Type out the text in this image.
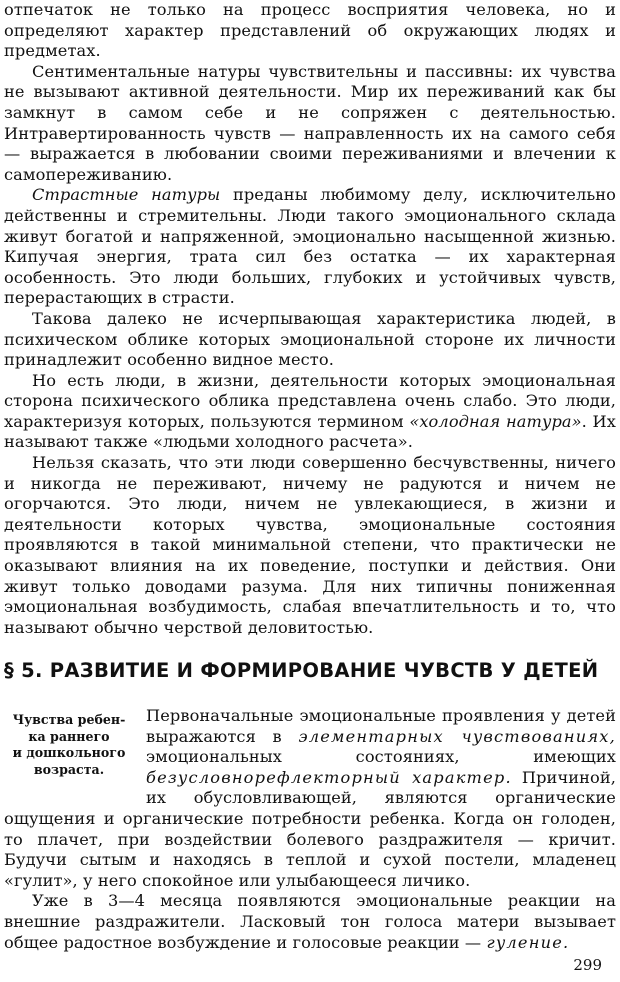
отпечаток не только на процесс восприятия человека, но и определяют характер представлений об окружающих людях и предметах.

Сентиментальные натуры чувствительны и пассивны: их чувства не вызывают активной деятельности. Мир их переживаний как бы замкнут в самом себе и не сопряжен с деятельностью. Интравертированность чувств — направленность их на самого себя — выражается в любовании своими переживаниями и влечении к самопереживанию.

Страстные натуры преданы любимому делу, исключительно действенны и стремительны. Люди такого эмоционального склада живут богатой и напряженной, эмоционально насыщенной жизнью. Кипучая энергия, трата сил без остатка — их характерная особенность. Это люди больших, глубоких и устойчивых чувств, перерастающих в страсти.

Такова далеко не исчерпывающая характеристика людей, в психическом облике которых эмоциональной стороне их личности принадлежит особенно видное место.

Но есть люди, в жизни, деятельности которых эмоциональная сторона психического облика представлена очень слабо. Это люди, характеризуя которых, пользуются термином «холодная натура». Их называют также «людьми холодного расчета».

Нельзя сказать, что эти люди совершенно бесчувственны, ничего и никогда не переживают, ничему не радуются и ничем не огорчаются. Это люди, ничем не увлекающиеся, в жизни и деятельности которых чувства, эмоциональные состояния проявляются в такой минимальной степени, что практически не оказывают влияния на их поведение, поступки и действия. Они живут только доводами разума. Для них типичны пониженная эмоциональная возбудимость, слабая впечатлительность и то, что называют обычно черствой деловитостью.

§ 5. РАЗВИТИЕ И ФОРМИРОВАНИЕ ЧУВСТВ У ДЕТЕЙ
Чувства ребен-
ка раннего
и дошкольного
возраста.
299

Первоначальные эмоциональные проявления у детей выражаются в элементарных чувствованиях, эмоциональных состояниях, имеющих безусловнорефлекторный характер. Причиной, их обусловливающей, являются органические ощущения и органические потребности ребенка. Когда он голоден, то плачет, при воздействии болевого раздражителя — кричит. Будучи сытым и находясь в теплой и сухой постели, младенец «гулит», у него спокойное или улыбающееся личико.

Уже в 3—4 месяца появляются эмоциональные реакции на внешние раздражители. Ласковый тон голоса матери вызывает общее радостное возбуждение и голосовые реакции — гуление.
